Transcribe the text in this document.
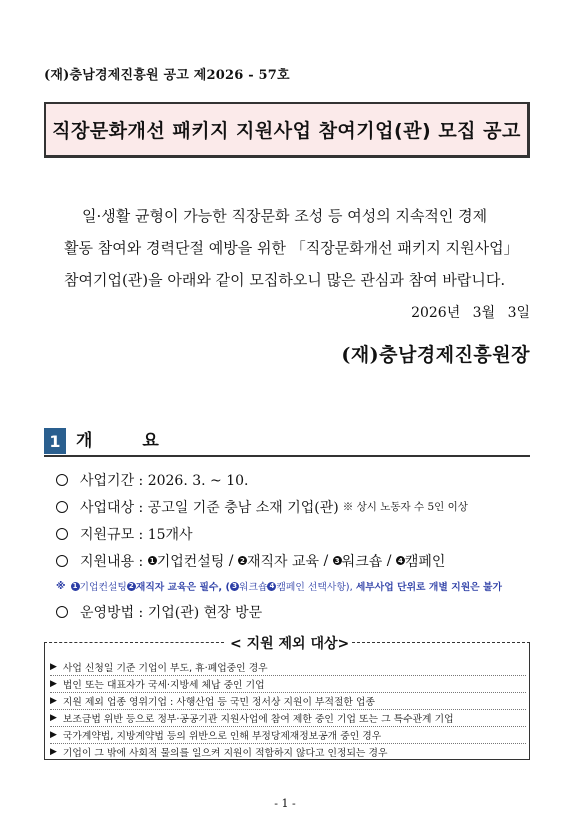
(재)충남경제진흥원 공고 제2026 - 57호
직장문화개선 패키지 지원사업 참여기업(관) 모집 공고

일·생활 균형이 가능한 직장문화 조성 등 여성의 지속적인 경제

활동 참여와 경력단절 예방을 위한 「직장문화개선 패키지 지원사업」

참여기업(관)을 아래와 같이 모집하오니 많은 관심과 참여 바랍니다.

2026년 3월 3일
(재)충남경제진흥원장
1 개 요
사업기간 : 2026. 3. ~ 10.
사업대상 : 공고일 기준 충남 소재 기업(관) ※ 상시 노동자 수 5인 이상
지원규모 : 15개사
지원내용 : 1 기업컨설팅 / 2 재직자 교육 / 3 워크숍 / 4 캠페인
※ 1 기업컨설팅 2 재직자 교육은 필수, ( 3 워크숍 4 캠페인 선택사항), 세부사업 단위로 개별 지원은 불가
운영방법 : 기업(관) 현장 방문
< 지원 제외 대상>
▶ 사업 신청일 기준 기업이 부도, 휴·폐업중인 경우
▶ 법인 또는 대표자가 국세·지방세 체납 중인 기업
▶ 지원 제외 업종 영위기업 : 사행산업 등 국민 정서상 지원이 부적절한 업종
▶ 보조금법 위반 등으로 정부·공공기관 지원사업에 참여 제한 중인 기업 또는 그 특수관계 기업
▶ 국가계약법, 지방계약법 등의 위반으로 인해 부정당제재정보공개 중인 경우
▶ 기업이 그 밖에 사회적 물의를 일으켜 지원이 적합하지 않다고 인정되는 경우
- 1 -
